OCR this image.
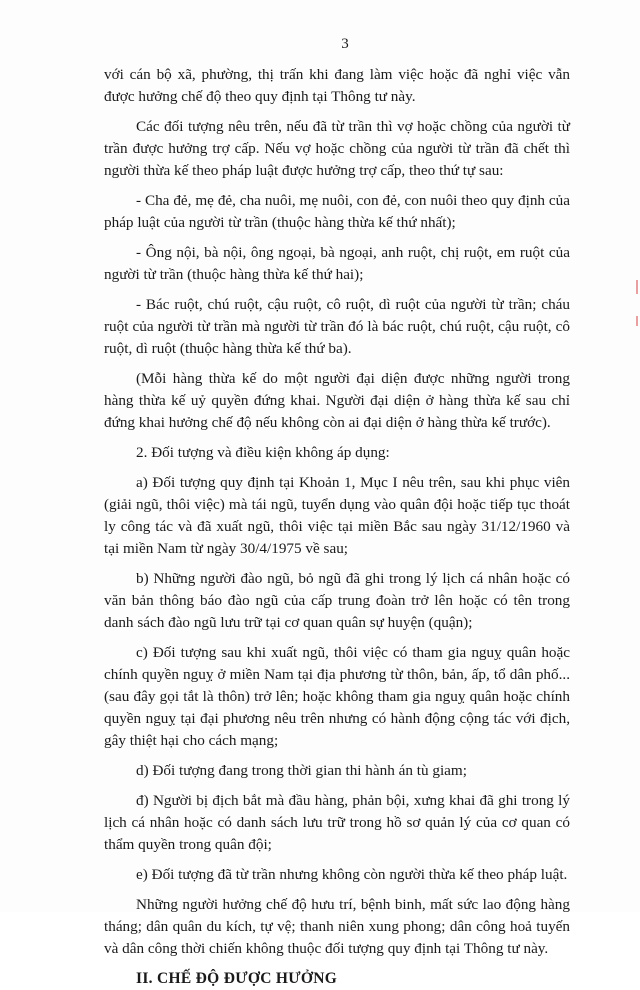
3

với cán bộ xã, phường, thị trấn khi đang làm việc hoặc đã nghỉ việc vẫn được hưởng chế độ theo quy định tại Thông tư này.

Các đối tượng nêu trên, nếu đã từ trần thì vợ hoặc chồng của người từ trần được hưởng trợ cấp. Nếu vợ hoặc chồng của người từ trần đã chết thì người thừa kế theo pháp luật được hưởng trợ cấp, theo thứ tự sau:

- Cha đẻ, mẹ đẻ, cha nuôi, mẹ nuôi, con đẻ, con nuôi theo quy định của pháp luật của người từ trần (thuộc hàng thừa kế thứ nhất);

- Ông nội, bà nội, ông ngoại, bà ngoại, anh ruột, chị ruột, em ruột của người từ trần (thuộc hàng thừa kế thứ hai);

- Bác ruột, chú ruột, cậu ruột, cô ruột, dì ruột của người từ trần; cháu ruột của người từ trần mà người từ trần đó là bác ruột, chú ruột, cậu ruột, cô ruột, dì ruột (thuộc hàng thừa kế thứ ba).

(Mỗi hàng thừa kế do một người đại diện được những người trong hàng thừa kế uỷ quyền đứng khai. Người đại diện ở hàng thừa kế sau chỉ đứng khai hưởng chế độ nếu không còn ai đại diện ở hàng thừa kế trước).

2. Đối tượng và điều kiện không áp dụng:

a) Đối tượng quy định tại Khoản 1, Mục I nêu trên, sau khi phục viên (giải ngũ, thôi việc) mà tái ngũ, tuyển dụng vào quân đội hoặc tiếp tục thoát ly công tác và đã xuất ngũ, thôi việc tại miền Bắc sau ngày 31/12/1960 và tại miền Nam từ ngày 30/4/1975 về sau;

b) Những người đào ngũ, bỏ ngũ đã ghi trong lý lịch cá nhân hoặc có văn bản thông báo đào ngũ của cấp trung đoàn trở lên hoặc có tên trong danh sách đào ngũ lưu trữ tại cơ quan quân sự huyện (quận);

c) Đối tượng sau khi xuất ngũ, thôi việc có tham gia nguỵ quân hoặc chính quyền nguỵ ở miền Nam tại địa phương từ thôn, bản, ấp, tổ dân phố... (sau đây gọi tắt là thôn) trở lên; hoặc không tham gia nguỵ quân hoặc chính quyền nguỵ tại đại phương nêu trên nhưng có hành động cộng tác với địch, gây thiệt hại cho cách mạng;

d) Đối tượng đang trong thời gian thi hành án tù giam;

đ) Người bị địch bắt mà đầu hàng, phản bội, xưng khai đã ghi trong lý lịch cá nhân hoặc có danh sách lưu trữ trong hồ sơ quản lý của cơ quan có thẩm quyền trong quân đội;

e) Đối tượng đã từ trần nhưng không còn người thừa kế theo pháp luật.

Những người hưởng chế độ hưu trí, bệnh binh, mất sức lao động hàng tháng; dân quân du kích, tự vệ; thanh niên xung phong; dân công hoả tuyến và dân công thời chiến không thuộc đối tượng quy định tại Thông tư này.

II. CHẾ ĐỘ ĐƯỢC HƯỞNG
